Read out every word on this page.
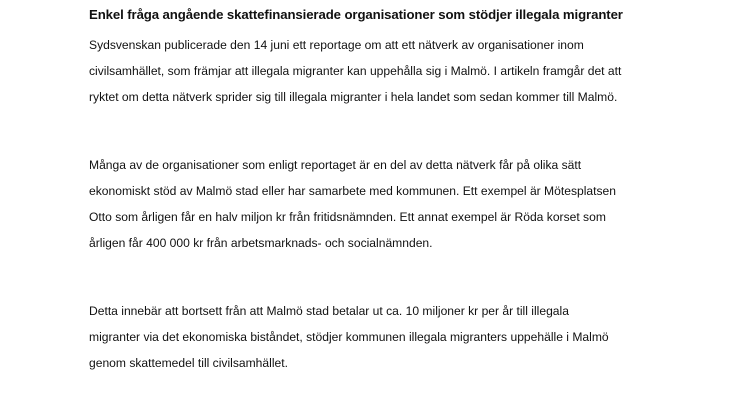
Enkel fråga angående skattefinansierade organisationer som stödjer illegala migranter
Sydsvenskan publicerade den 14 juni ett reportage om att ett nätverk av organisationer inom
civilsamhället, som främjar att illegala migranter kan uppehålla sig i Malmö. I artikeln framgår det att
ryktet om detta nätverk sprider sig till illegala migranter i hela landet som sedan kommer till Malmö.
Många av de organisationer som enligt reportaget är en del av detta nätverk får på olika sätt
ekonomiskt stöd av Malmö stad eller har samarbete med kommunen. Ett exempel är Mötesplatsen
Otto som årligen får en halv miljon kr från fritidsnämnden. Ett annat exempel är Röda korset som
årligen får 400 000 kr från arbetsmarknads- och socialnämnden.
Detta innebär att bortsett från att Malmö stad betalar ut ca. 10 miljoner kr per år till illegala
migranter via det ekonomiska biståndet, stödjer kommunen illegala migranters uppehälle i Malmö
genom skattemedel till civilsamhället.
